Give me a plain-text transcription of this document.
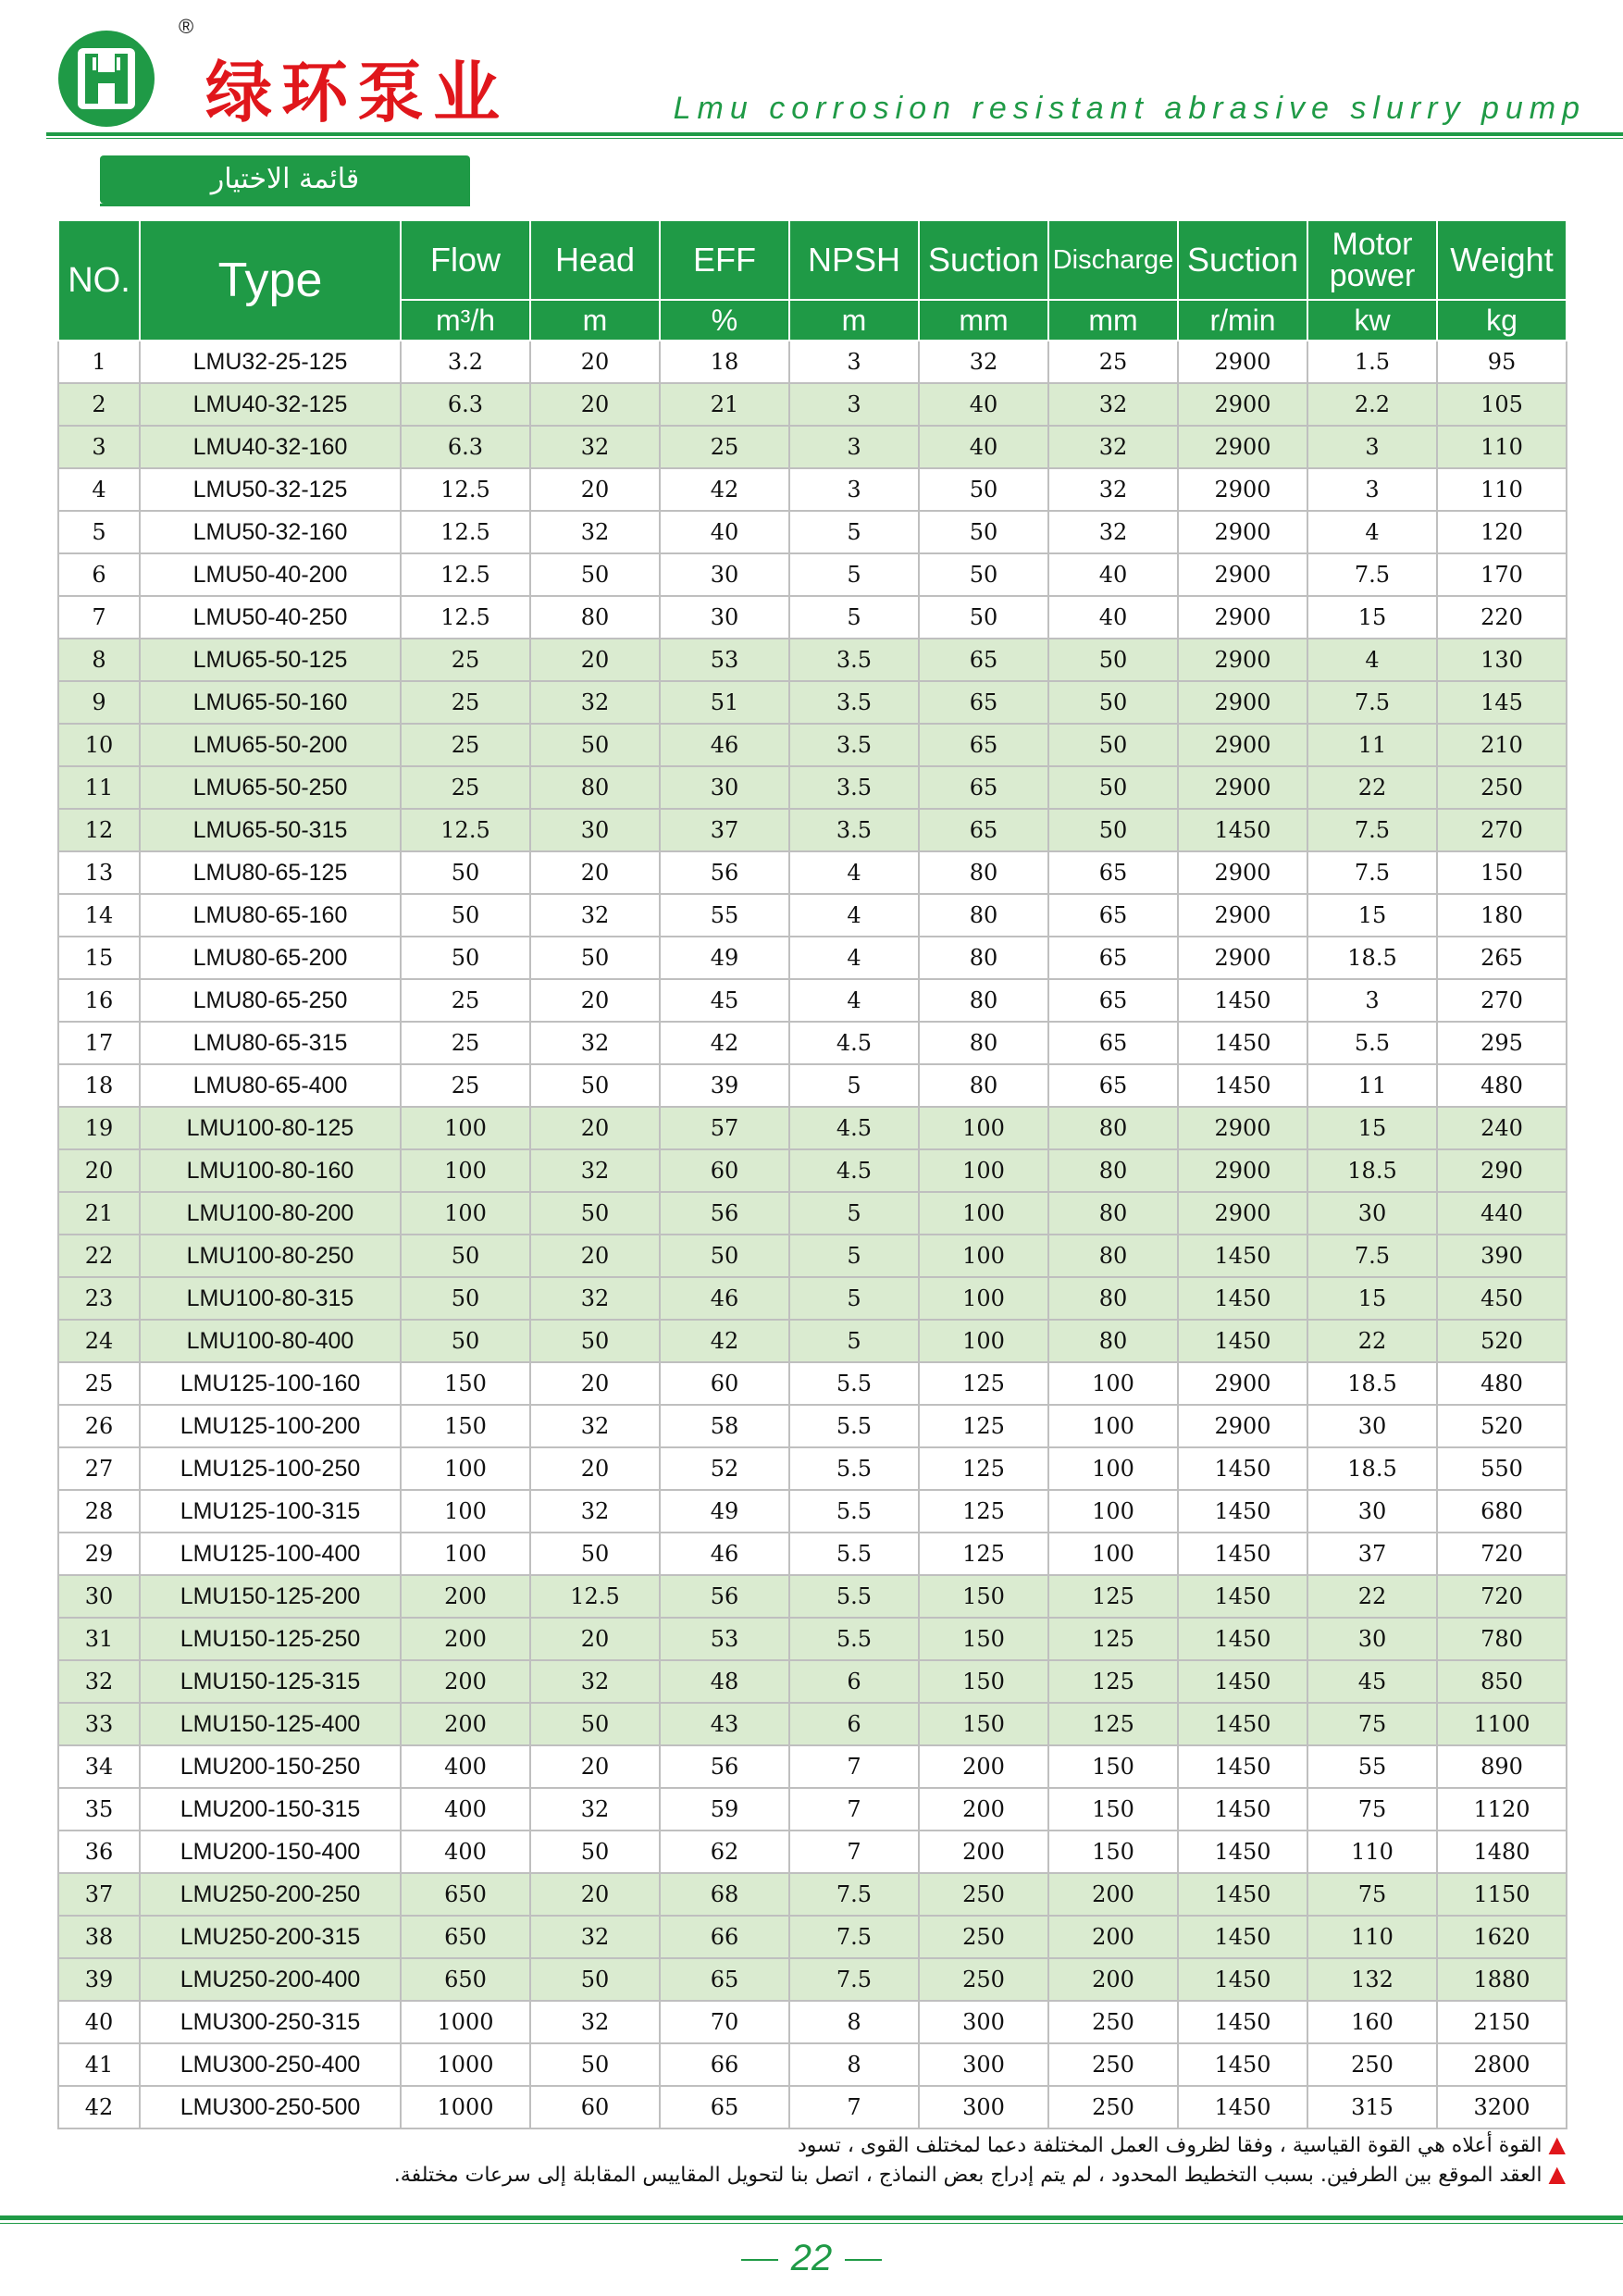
®
绿环泵业	Lmu corrosion resistant abrasive slurry pump
قائمة الاختيار
NO.	Type	Flow	Head	EFF	NPSH	Suction	Discharge	Suction	Motor power	Weight
		m³/h	m	%	m	mm	mm	r/min	kw	kg
1	LMU32-25-125	3.2	20	18	3	32	25	2900	1.5	95
2	LMU40-32-125	6.3	20	21	3	40	32	2900	2.2	105
3	LMU40-32-160	6.3	32	25	3	40	32	2900	3	110
4	LMU50-32-125	12.5	20	42	3	50	32	2900	3	110
5	LMU50-32-160	12.5	32	40	5	50	32	2900	4	120
6	LMU50-40-200	12.5	50	30	5	50	40	2900	7.5	170
7	LMU50-40-250	12.5	80	30	5	50	40	2900	15	220
8	LMU65-50-125	25	20	53	3.5	65	50	2900	4	130
9	LMU65-50-160	25	32	51	3.5	65	50	2900	7.5	145
10	LMU65-50-200	25	50	46	3.5	65	50	2900	11	210
11	LMU65-50-250	25	80	30	3.5	65	50	2900	22	250
12	LMU65-50-315	12.5	30	37	3.5	65	50	1450	7.5	270
13	LMU80-65-125	50	20	56	4	80	65	2900	7.5	150
14	LMU80-65-160	50	32	55	4	80	65	2900	15	180
15	LMU80-65-200	50	50	49	4	80	65	2900	18.5	265
16	LMU80-65-250	25	20	45	4	80	65	1450	3	270
17	LMU80-65-315	25	32	42	4.5	80	65	1450	5.5	295
18	LMU80-65-400	25	50	39	5	80	65	1450	11	480
19	LMU100-80-125	100	20	57	4.5	100	80	2900	15	240
20	LMU100-80-160	100	32	60	4.5	100	80	2900	18.5	290
21	LMU100-80-200	100	50	56	5	100	80	2900	30	440
22	LMU100-80-250	50	20	50	5	100	80	1450	7.5	390
23	LMU100-80-315	50	32	46	5	100	80	1450	15	450
24	LMU100-80-400	50	50	42	5	100	80	1450	22	520
25	LMU125-100-160	150	20	60	5.5	125	100	2900	18.5	480
26	LMU125-100-200	150	32	58	5.5	125	100	2900	30	520
27	LMU125-100-250	100	20	52	5.5	125	100	1450	18.5	550
28	LMU125-100-315	100	32	49	5.5	125	100	1450	30	680
29	LMU125-100-400	100	50	46	5.5	125	100	1450	37	720
30	LMU150-125-200	200	12.5	56	5.5	150	125	1450	22	720
31	LMU150-125-250	200	20	53	5.5	150	125	1450	30	780
32	LMU150-125-315	200	32	48	6	150	125	1450	45	850
33	LMU150-125-400	200	50	43	6	150	125	1450	75	1100
34	LMU200-150-250	400	20	56	7	200	150	1450	55	890
35	LMU200-150-315	400	32	59	7	200	150	1450	75	1120
36	LMU200-150-400	400	50	62	7	200	150	1450	110	1480
37	LMU250-200-250	650	20	68	7.5	250	200	1450	75	1150
38	LMU250-200-315	650	32	66	7.5	250	200	1450	110	1620
39	LMU250-200-400	650	50	65	7.5	250	200	1450	132	1880
40	LMU300-250-315	1000	32	70	8	300	250	1450	160	2150
41	LMU300-250-400	1000	50	66	8	300	250	1450	250	2800
42	LMU300-250-500	1000	60	65	7	300	250	1450	315	3200
▲ القوة أعلاه هي القوة القياسية ، وفقا لظروف العمل المختلفة دعما لمختلف القوى ، تسود
▲ العقد الموقع بين الطرفين. بسبب التخطيط المحدود ، لم يتم إدراج بعض النماذج ، اتصل بنا لتحويل المقاييس المقابلة إلى سرعات مختلفة.
22
